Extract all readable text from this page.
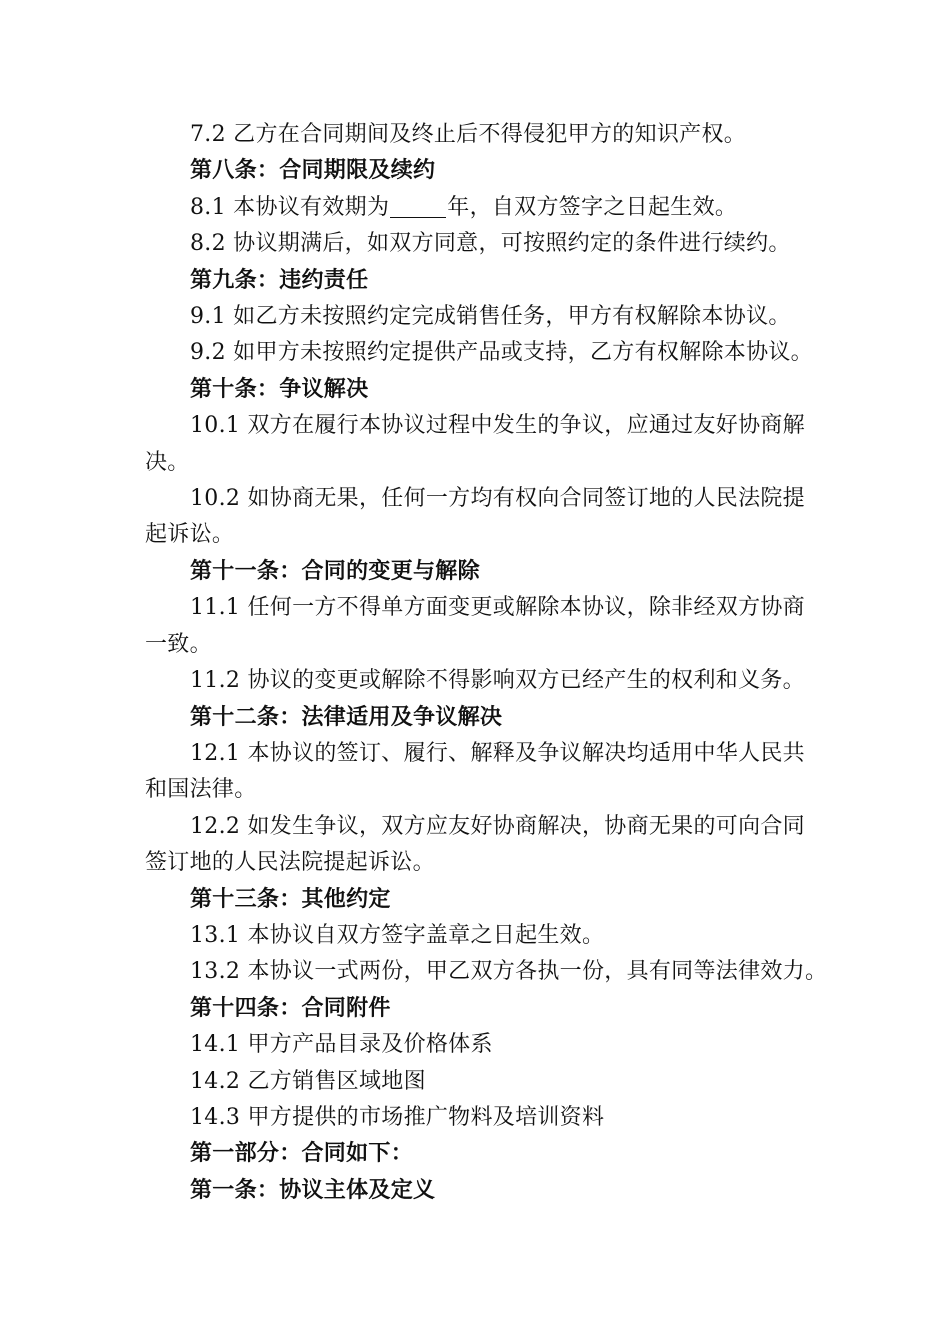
7.2 乙方在合同期间及终止后不得侵犯甲方的知识产权。
第八条：合同期限及续约
8.1 本协议有效期为	年，自双方签字之日起生效。
8.2 协议期满后，如双方同意，可按照约定的条件进行续约。
第九条：违约责任
9.1 如乙方未按照约定完成销售任务，甲方有权解除本协议。
9.2 如甲方未按照约定提供产品或支持，乙方有权解除本协议。
第十条：争议解决
10.1 双方在履行本协议过程中发生的争议，应通过友好协商解
决。
10.2 如协商无果，任何一方均有权向合同签订地的人民法院提
起诉讼。
第十一条：合同的变更与解除
11.1 任何一方不得单方面变更或解除本协议，除非经双方协商
一致。
11.2 协议的变更或解除不得影响双方已经产生的权利和义务。
第十二条：法律适用及争议解决
12.1 本协议的签订、履行、解释及争议解决均适用中华人民共
和国法律。
12.2 如发生争议，双方应友好协商解决，协商无果的可向合同
签订地的人民法院提起诉讼。
第十三条：其他约定
13.1 本协议自双方签字盖章之日起生效。
13.2 本协议一式两份，甲乙双方各执一份，具有同等法律效力。
第十四条：合同附件
14.1 甲方产品目录及价格体系
14.2 乙方销售区域地图
14.3 甲方提供的市场推广物料及培训资料
第一部分：合同如下：
第一条：协议主体及定义
